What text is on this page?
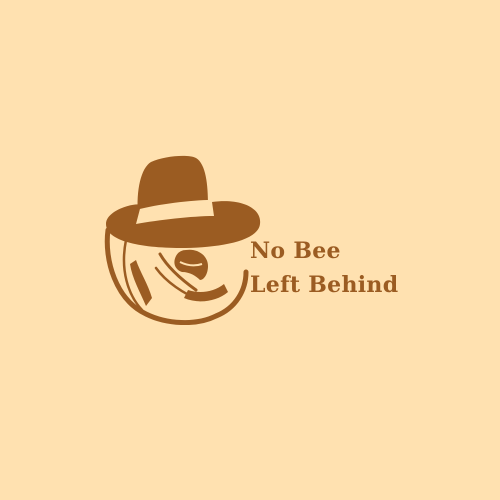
No Bee
Left Behind
